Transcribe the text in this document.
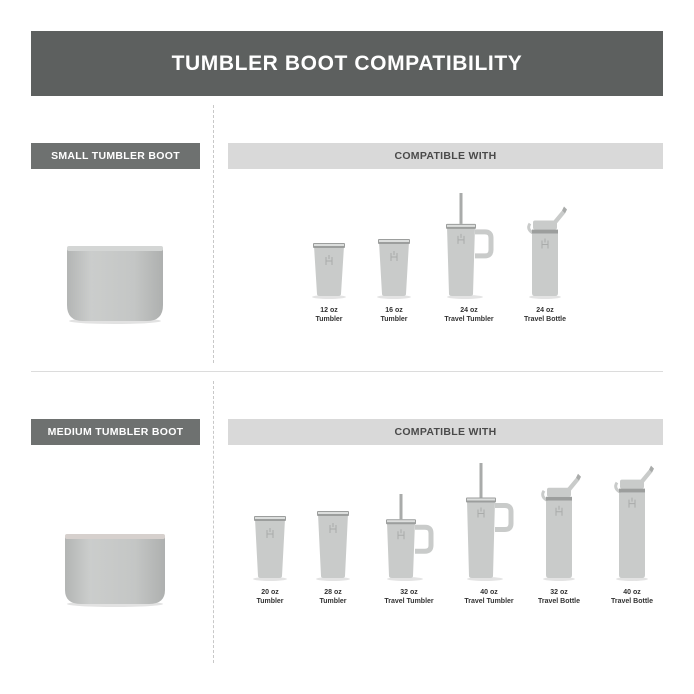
TUMBLER BOOT COMPATIBILITY
SMALL TUMBLER BOOT	COMPATIBLE WITH
12 oz
Tumbler
16 oz
Tumbler
24 oz
Travel Tumbler
24 oz
Travel Bottle
MEDIUM TUMBLER BOOT	COMPATIBLE WITH
20 oz
Tumbler
28 oz
Tumbler
32 oz
Travel Tumbler
40 oz
Travel Tumbler
32 oz
Travel Bottle
40 oz
Travel Bottle
